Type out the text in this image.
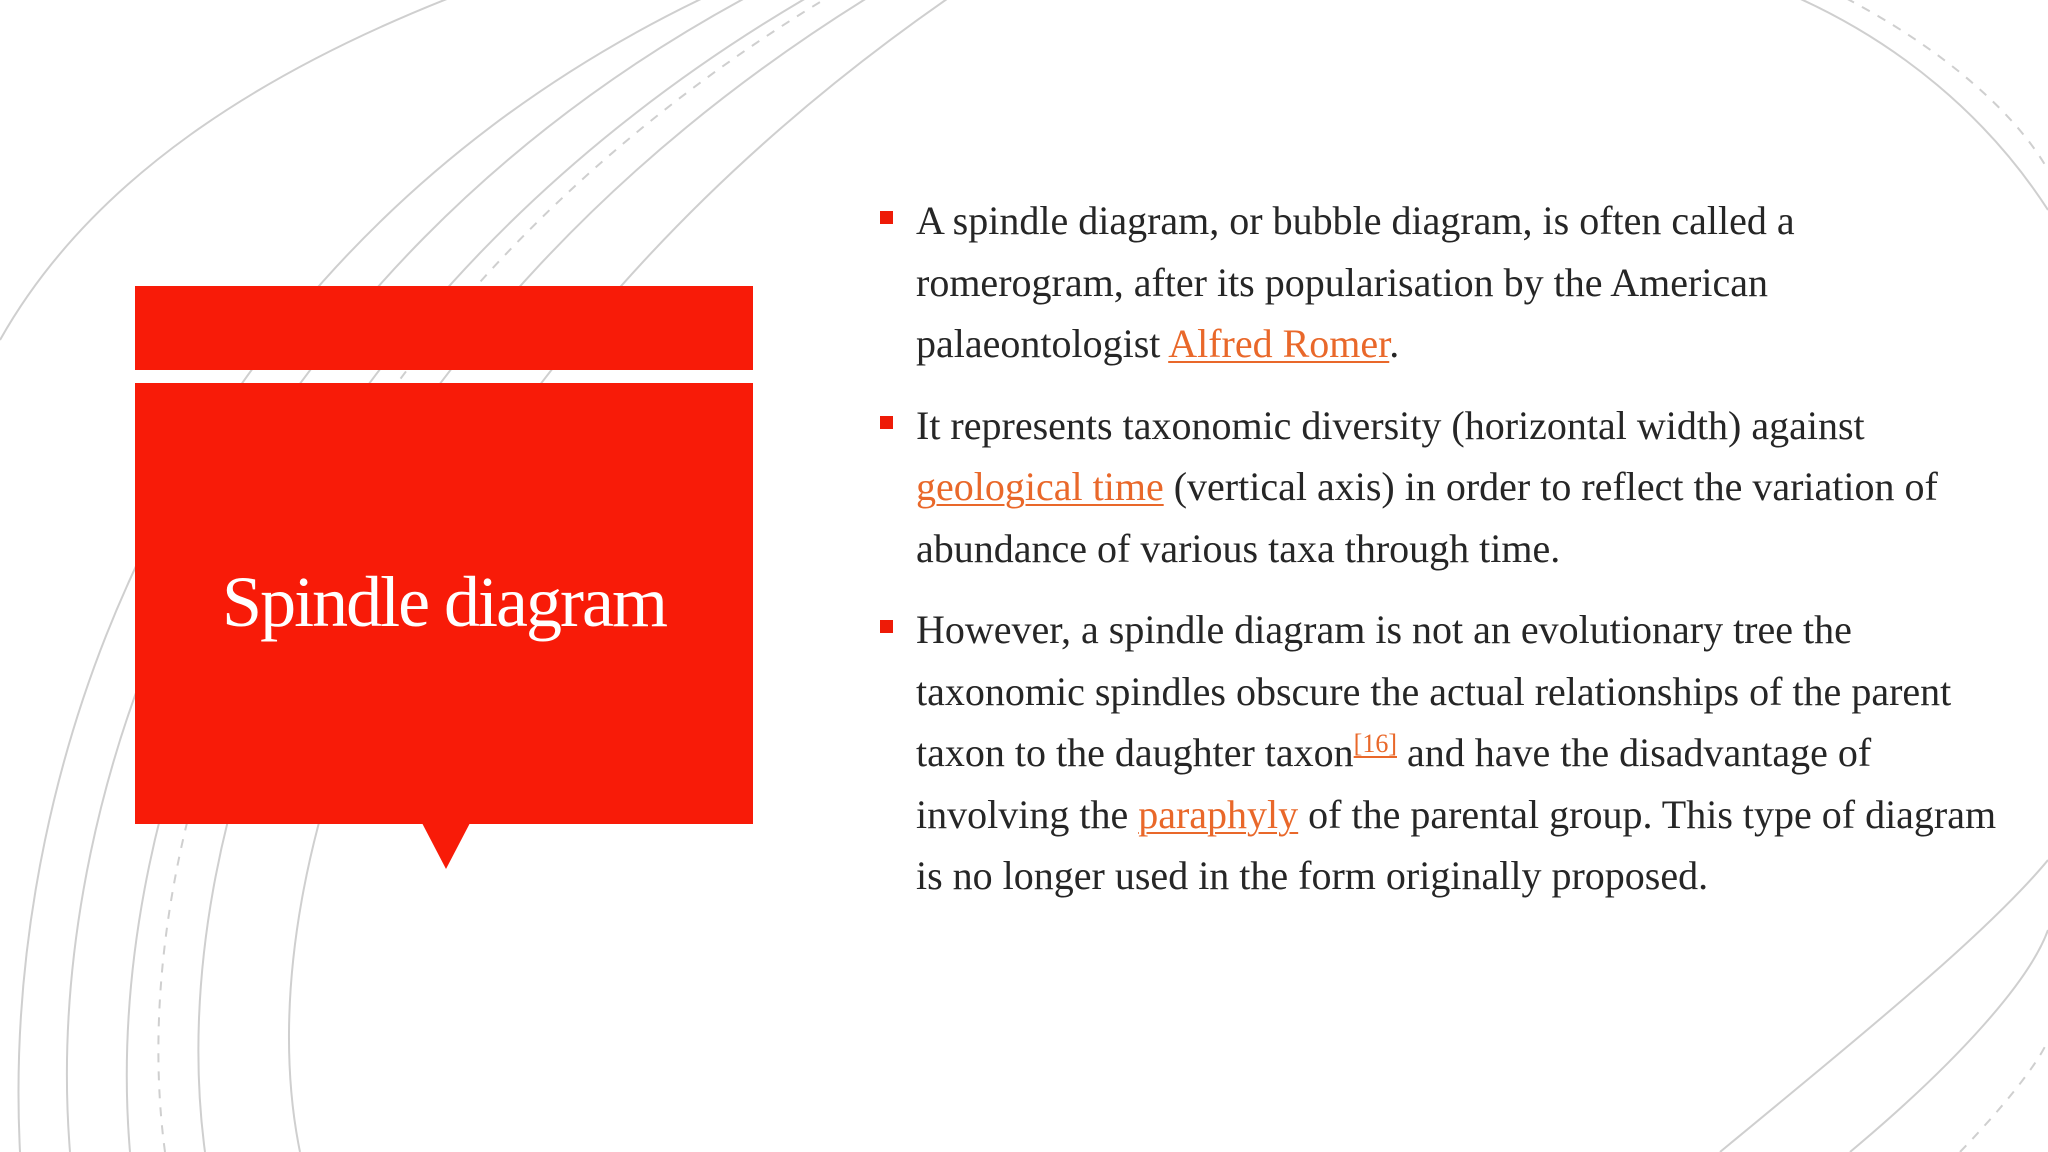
Spindle diagram
A spindle diagram, or bubble diagram, is often called a romerogram, after its popularisation by the American palaeontologist Alfred Romer.
It represents taxonomic diversity (horizontal width) against geological time (vertical axis) in order to reflect the variation of abundance of various taxa through time.
However, a spindle diagram is not an evolutionary tree the taxonomic spindles obscure the actual relationships of the parent taxon to the daughter taxon[16] and have the disadvantage of involving the paraphyly of the parental group. This type of diagram is no longer used in the form originally proposed.
